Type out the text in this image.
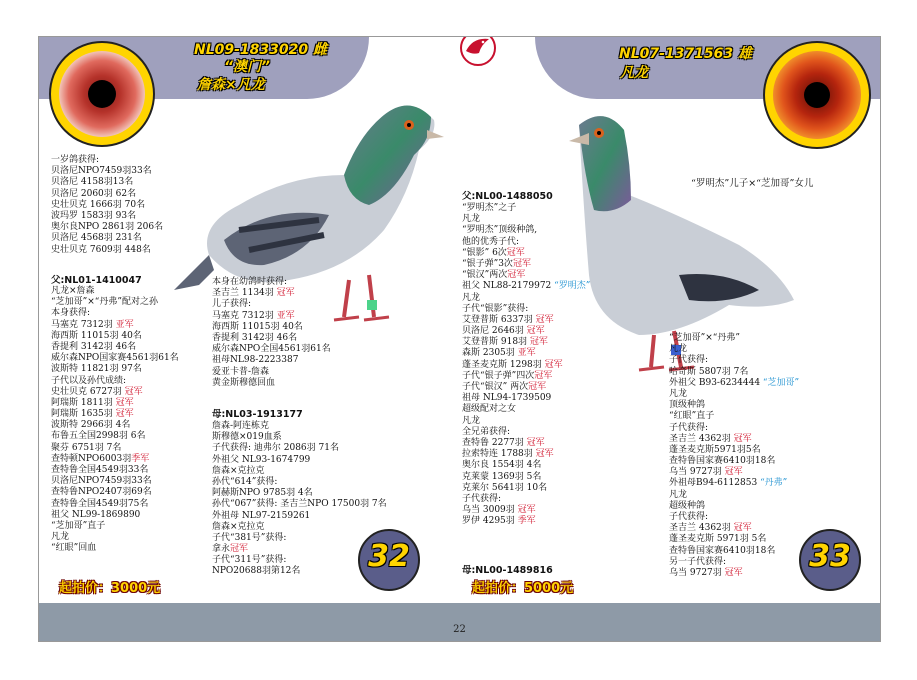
NL09-1833020 雌
“澳门”
詹森×凡龙
NL07-1371563 雄
凡龙
一岁鸽获得:
贝洛尼NPO7459羽33名
贝洛尼 4158羽13名
贝洛尼 2060羽 62名
史壮贝克 1666羽 70名
波玛罗 1583羽 93名
奥尔良NPO 2861羽 206名
贝洛尼 4568羽 231名
史壮贝克 7609羽 448名
父:NL01-1410047
凡龙×詹森
“芝加哥”×“丹弗”配对之孙
本身获得:
马塞克 7312羽 亚军
海西斯 11015羽 40名
香提利 3142羽 46名
威尔森NPO国家赛4561羽61名
波斯特 11821羽 97名
子代以及孙代成绩:
史壮贝克 6727羽 冠军
阿瑞斯 1811羽 冠军
阿瑞斯 1635羽 冠军
波斯特 2966羽 4名
布鲁五全国2998羽 6名
聚芬 6751羽 7名
查特顿NPO6003羽季军
查特鲁全国4549羽33名
贝洛尼NPO7459羽33名
查特鲁NPO2407羽69名
查特鲁全国4549羽75名
祖父 NL99-1869890
“芝加哥”直子
凡龙
“红眼”回血
本身在幼鸽时获得:
圣吉兰 1134羽 冠军
儿子获得:
马塞克 7312羽 亚军
海西斯 11015羽 40名
香提利 3142羽 46名
威尔森NPO全国4561羽61名
祖母NL98-2223387
爱亚卡普-詹森
黄金斯穆德回血
母:NL03-1913177
詹森-阿连栋克
斯穆德×019血系
子代获得: 迪弗尔 2086羽 71名
外祖父 NL93-1674799
詹森×克拉克
孙代“614”获得:
阿赫斯NPO 9785羽 4名
孙代“067”获得: 圣吉兰NPO 17500羽 7名
外祖母 NL97-2159261
詹森×克拉克
子代“381号”获得:
拿永冠军
子代“311号”获得:
NPO20688羽第12名
起拍价：3000元
32
“罗明杰”儿子×“芝加哥”女儿
父:NL00-1488050
“罗明杰”之子
凡龙
“罗明杰”顶级种鸽,
他的优秀子代:
“银影” 6次冠军
“银子弹”3次冠军
“银汉”两次冠军
祖父 NL88-2179972 “罗明杰”
凡龙
子代“银影”获得:
艾登普斯 6337羽 冠军
贝洛尼 2646羽 冠军
艾登普斯 918羽 冠军
森斯 2305羽 亚军
蓬圣麦克斯 1298羽 冠军
子代“银子弹”四次冠军
子代“银汉” 两次冠军
祖母 NL94-1739509
超级配对之女
凡龙
全兄弟获得:
查特鲁 2277羽 冠军
拉索特连 1788羽 冠军
奥尔良 1554羽 4名
克莱蒙 1369羽 5名
克莱尔 5641羽 10名
子代获得:
乌当 3009羽 冠军
罗伊 4295羽 季军
母:NL00-1489816
起拍价：5000元
“芝加哥”×“丹弗”
凡龙
子代获得:
哈奇斯 5807羽 7名
外祖父 B93-6234444 “芝加哥”
凡龙
顶级种鸽
“红眼”直子
子代获得:
圣吉兰 4362羽 冠军
蓬圣麦克斯5971羽5名
查特鲁国家赛6410羽18名
乌当 9727羽 冠军
外祖母B94-6112853 “丹弗”
凡龙
超级种鸽
子代获得:
圣吉兰 4362羽 冠军
蓬圣麦克斯 5971羽 5名
查特鲁国家赛6410羽18名
另一子代获得:
乌当 9727羽 冠军	33
22
